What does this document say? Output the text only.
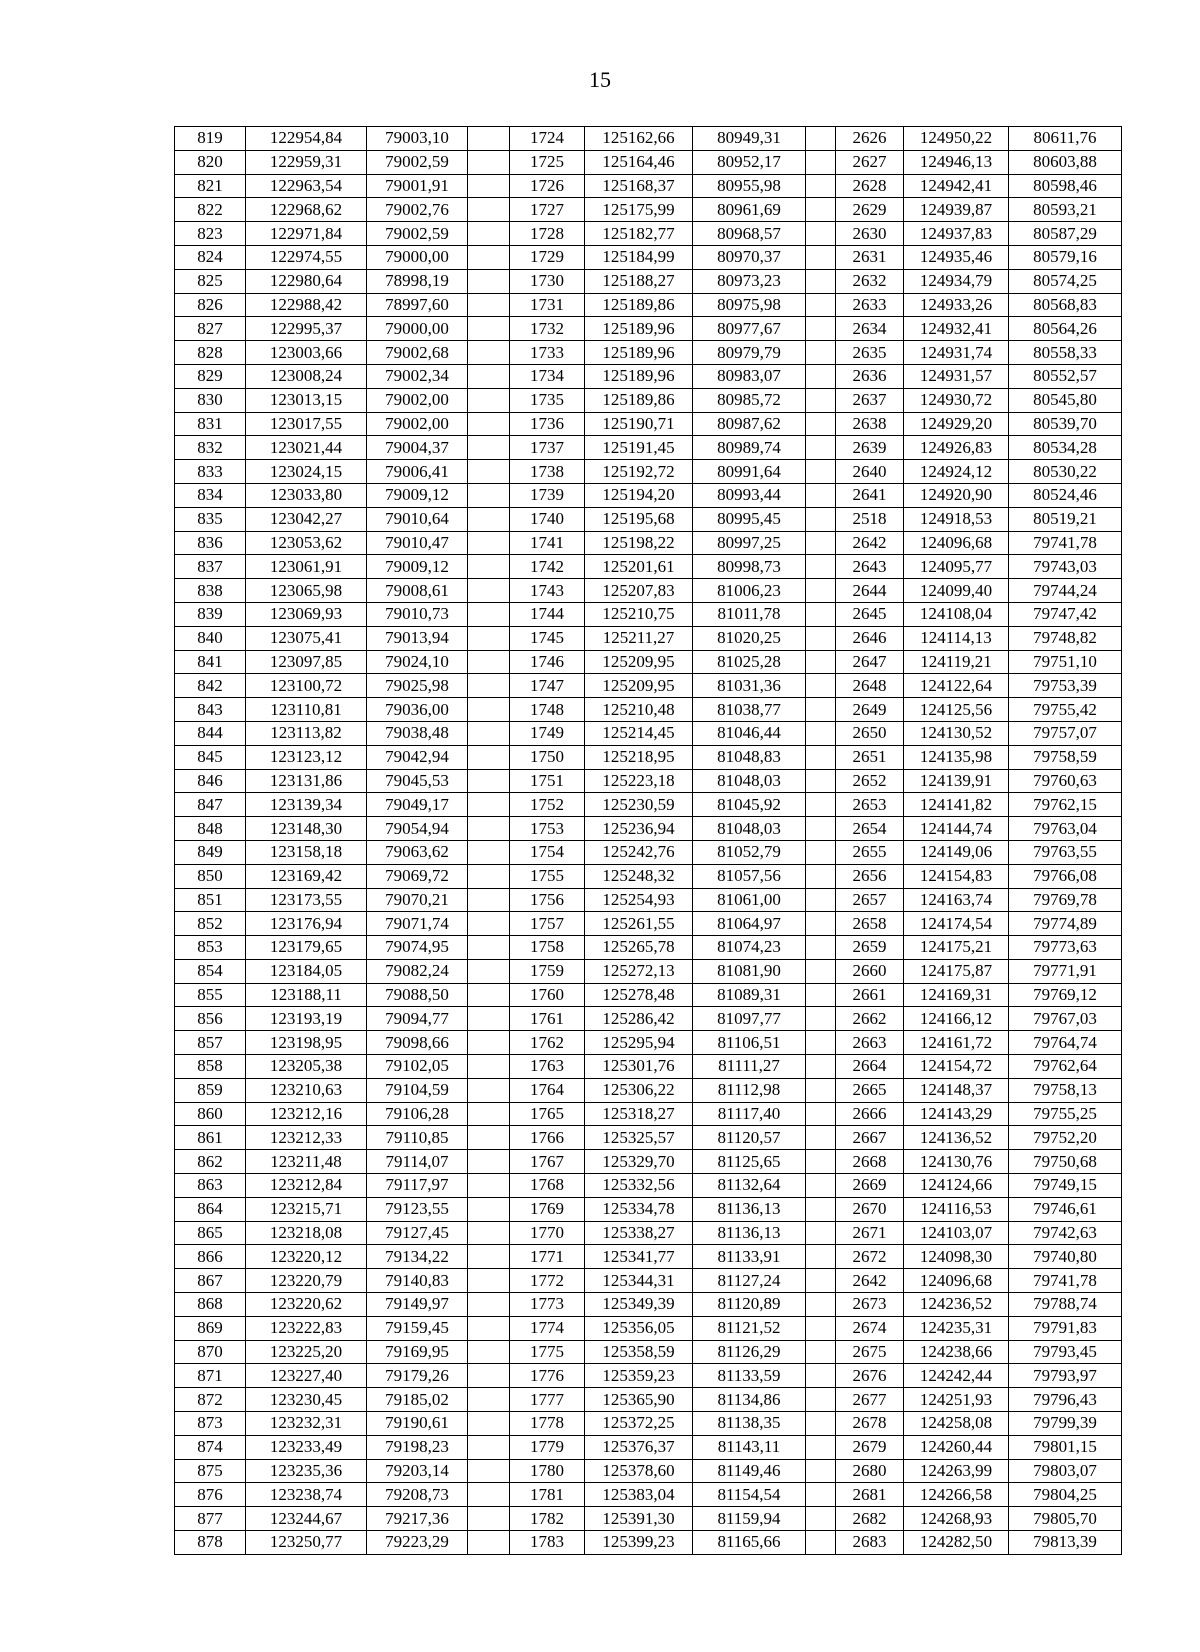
15
819	122954,84	79003,10		1724	125162,66	80949,31		2626	124950,22	80611,76
820	122959,31	79002,59		1725	125164,46	80952,17		2627	124946,13	80603,88
821	122963,54	79001,91		1726	125168,37	80955,98		2628	124942,41	80598,46
822	122968,62	79002,76		1727	125175,99	80961,69		2629	124939,87	80593,21
823	122971,84	79002,59		1728	125182,77	80968,57		2630	124937,83	80587,29
824	122974,55	79000,00		1729	125184,99	80970,37		2631	124935,46	80579,16
825	122980,64	78998,19		1730	125188,27	80973,23		2632	124934,79	80574,25
826	122988,42	78997,60		1731	125189,86	80975,98		2633	124933,26	80568,83
827	122995,37	79000,00		1732	125189,96	80977,67		2634	124932,41	80564,26
828	123003,66	79002,68		1733	125189,96	80979,79		2635	124931,74	80558,33
829	123008,24	79002,34		1734	125189,96	80983,07		2636	124931,57	80552,57
830	123013,15	79002,00		1735	125189,86	80985,72		2637	124930,72	80545,80
831	123017,55	79002,00		1736	125190,71	80987,62		2638	124929,20	80539,70
832	123021,44	79004,37		1737	125191,45	80989,74		2639	124926,83	80534,28
833	123024,15	79006,41		1738	125192,72	80991,64		2640	124924,12	80530,22
834	123033,80	79009,12		1739	125194,20	80993,44		2641	124920,90	80524,46
835	123042,27	79010,64		1740	125195,68	80995,45		2518	124918,53	80519,21
836	123053,62	79010,47		1741	125198,22	80997,25		2642	124096,68	79741,78
837	123061,91	79009,12		1742	125201,61	80998,73		2643	124095,77	79743,03
838	123065,98	79008,61		1743	125207,83	81006,23		2644	124099,40	79744,24
839	123069,93	79010,73		1744	125210,75	81011,78		2645	124108,04	79747,42
840	123075,41	79013,94		1745	125211,27	81020,25		2646	124114,13	79748,82
841	123097,85	79024,10		1746	125209,95	81025,28		2647	124119,21	79751,10
842	123100,72	79025,98		1747	125209,95	81031,36		2648	124122,64	79753,39
843	123110,81	79036,00		1748	125210,48	81038,77		2649	124125,56	79755,42
844	123113,82	79038,48		1749	125214,45	81046,44		2650	124130,52	79757,07
845	123123,12	79042,94		1750	125218,95	81048,83		2651	124135,98	79758,59
846	123131,86	79045,53		1751	125223,18	81048,03		2652	124139,91	79760,63
847	123139,34	79049,17		1752	125230,59	81045,92		2653	124141,82	79762,15
848	123148,30	79054,94		1753	125236,94	81048,03		2654	124144,74	79763,04
849	123158,18	79063,62		1754	125242,76	81052,79		2655	124149,06	79763,55
850	123169,42	79069,72		1755	125248,32	81057,56		2656	124154,83	79766,08
851	123173,55	79070,21		1756	125254,93	81061,00		2657	124163,74	79769,78
852	123176,94	79071,74		1757	125261,55	81064,97		2658	124174,54	79774,89
853	123179,65	79074,95		1758	125265,78	81074,23		2659	124175,21	79773,63
854	123184,05	79082,24		1759	125272,13	81081,90		2660	124175,87	79771,91
855	123188,11	79088,50		1760	125278,48	81089,31		2661	124169,31	79769,12
856	123193,19	79094,77		1761	125286,42	81097,77		2662	124166,12	79767,03
857	123198,95	79098,66		1762	125295,94	81106,51		2663	124161,72	79764,74
858	123205,38	79102,05		1763	125301,76	81111,27		2664	124154,72	79762,64
859	123210,63	79104,59		1764	125306,22	81112,98		2665	124148,37	79758,13
860	123212,16	79106,28		1765	125318,27	81117,40		2666	124143,29	79755,25
861	123212,33	79110,85		1766	125325,57	81120,57		2667	124136,52	79752,20
862	123211,48	79114,07		1767	125329,70	81125,65		2668	124130,76	79750,68
863	123212,84	79117,97		1768	125332,56	81132,64		2669	124124,66	79749,15
864	123215,71	79123,55		1769	125334,78	81136,13		2670	124116,53	79746,61
865	123218,08	79127,45		1770	125338,27	81136,13		2671	124103,07	79742,63
866	123220,12	79134,22		1771	125341,77	81133,91		2672	124098,30	79740,80
867	123220,79	79140,83		1772	125344,31	81127,24		2642	124096,68	79741,78
868	123220,62	79149,97		1773	125349,39	81120,89		2673	124236,52	79788,74
869	123222,83	79159,45		1774	125356,05	81121,52		2674	124235,31	79791,83
870	123225,20	79169,95		1775	125358,59	81126,29		2675	124238,66	79793,45
871	123227,40	79179,26		1776	125359,23	81133,59		2676	124242,44	79793,97
872	123230,45	79185,02		1777	125365,90	81134,86		2677	124251,93	79796,43
873	123232,31	79190,61		1778	125372,25	81138,35		2678	124258,08	79799,39
874	123233,49	79198,23		1779	125376,37	81143,11		2679	124260,44	79801,15
875	123235,36	79203,14		1780	125378,60	81149,46		2680	124263,99	79803,07
876	123238,74	79208,73		1781	125383,04	81154,54		2681	124266,58	79804,25
877	123244,67	79217,36		1782	125391,30	81159,94		2682	124268,93	79805,70
878	123250,77	79223,29		1783	125399,23	81165,66		2683	124282,50	79813,39
